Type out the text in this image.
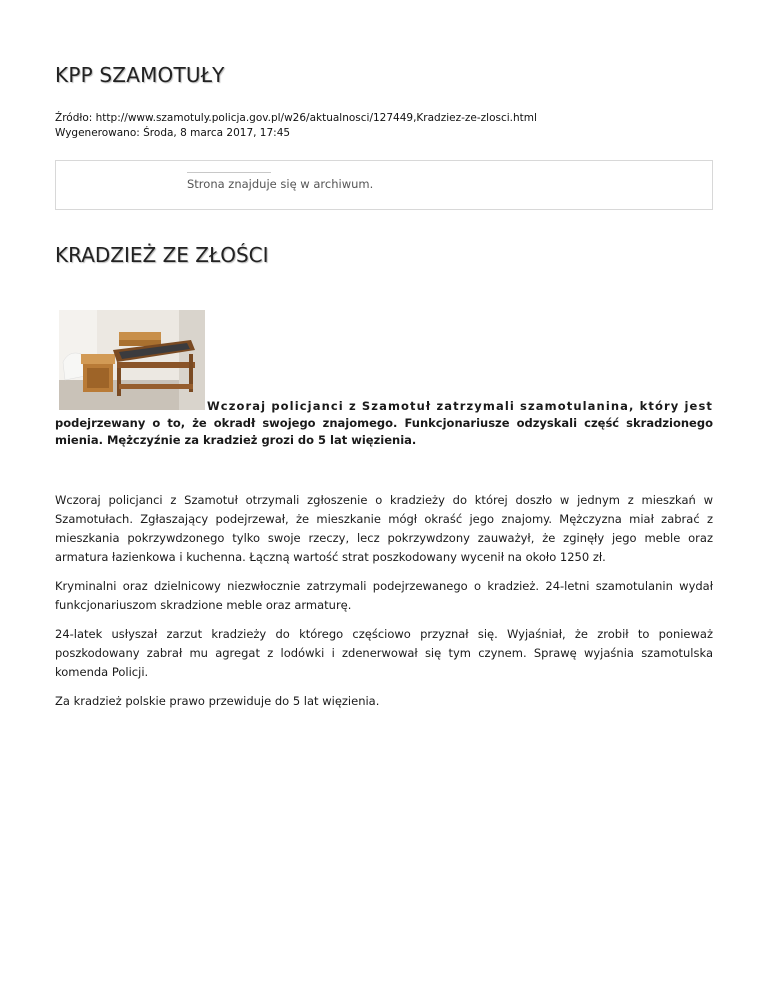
KPP SZAMOTUŁY
Źródło: http://www.szamotuly.policja.gov.pl/w26/aktualnosci/127449,Kradziez-ze-zlosci.html
Wygenerowano: Środa, 8 marca 2017, 17:45
Strona znajduje się w archiwum.
KRADZIEŻ ZE ZŁOŚCI
Wczoraj policjanci z Szamotuł zatrzymali szamotulanina, który jest podejrzewany o to, że okradł swojego znajomego. Funkcjonariusze odzyskali część skradzionego mienia. Mężczyźnie za kradzież grozi do 5 lat więzienia.

Wczoraj policjanci z Szamotuł otrzymali zgłoszenie o kradzieży do której doszło w jednym z mieszkań w Szamotułach. Zgłaszający podejrzewał, że mieszkanie mógł okraść jego znajomy. Mężczyzna miał zabrać z mieszkania pokrzywdzonego tylko swoje rzeczy, lecz pokrzywdzony zauważył, że zginęły jego meble oraz armatura łazienkowa i kuchenna. Łączną wartość strat poszkodowany wycenił na około 1250 zł.

Kryminalni oraz dzielnicowy niezwłocznie zatrzymali podejrzewanego o kradzież. 24-letni szamotulanin wydał funkcjonariuszom skradzione meble oraz armaturę.

24-latek usłyszał zarzut kradzieży do którego częściowo przyznał się. Wyjaśniał, że zrobił to ponieważ poszkodowany zabrał mu agregat z lodówki i zdenerwował się tym czynem. Sprawę wyjaśnia szamotulska komenda Policji.

Za kradzież polskie prawo przewiduje do 5 lat więzienia.
